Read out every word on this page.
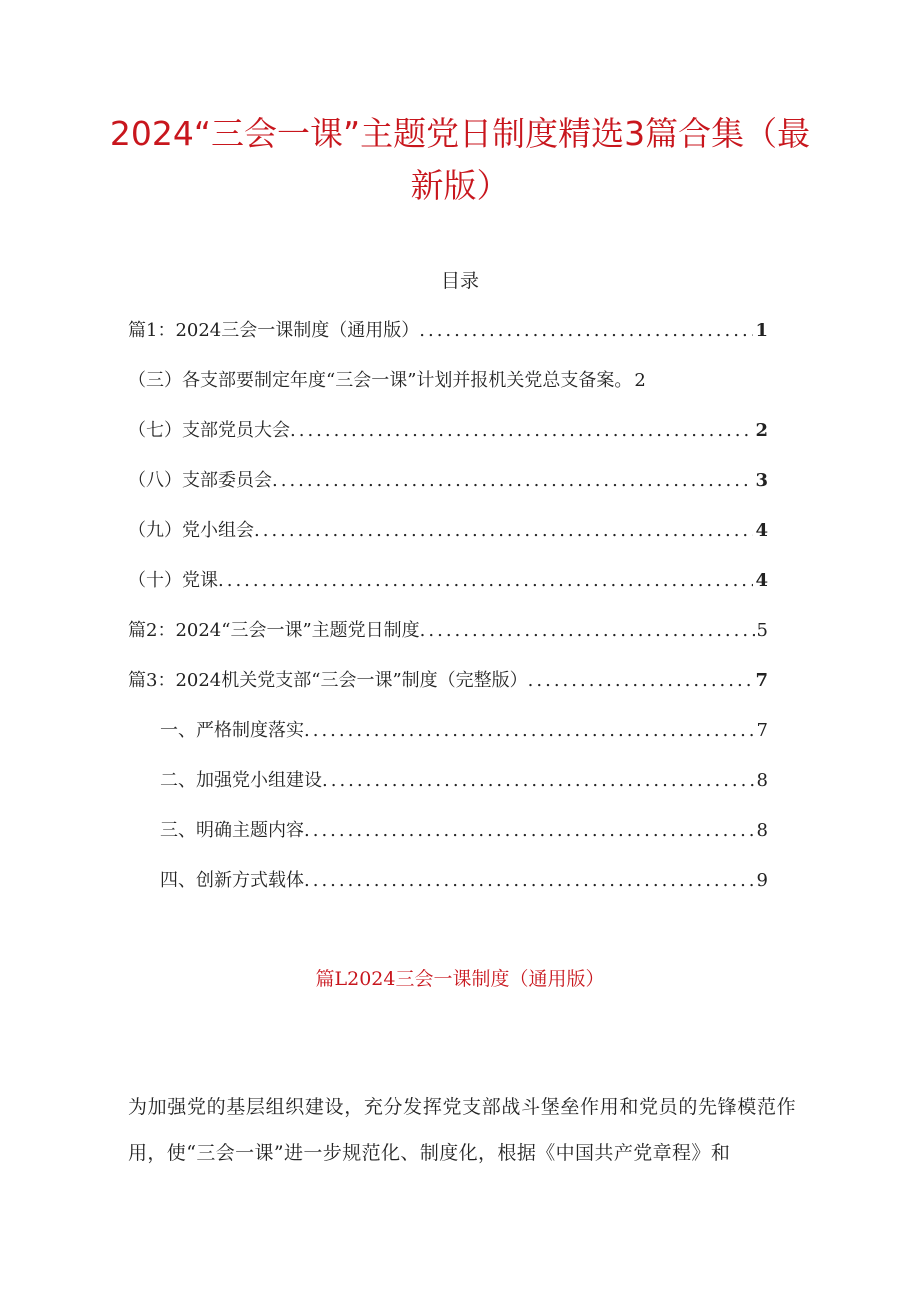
2024“三会一课”主题党日制度精选3篇合集（最新版）
目录
篇1：2024三会一课制度（通用版） .....	1
（三）各支部要制定年度“三会一课”计划并报机关党总支备案。 2
（七）支部党员大会 .....	2
（八）支部委员会 .....	3
（九）党小组会 .....	4
（十）党课 .....	4
篇2：2024“三会一课”主题党日制度 .....	5
篇3：2024机关党支部“三会一课”制度（完整版） .....	7
一、严格制度落实 .....	7
二、加强党小组建设 .....	8
三、明确主题内容 .....	8
四、创新方式载体 .....	9
篇L2024三会一课制度（通用版）
为加强党的基层组织建设，充分发挥党支部战斗堡垒作用和党员的先锋模范作用，使“三会一课”进一步规范化、制度化，根据《中国共产党章程》和
